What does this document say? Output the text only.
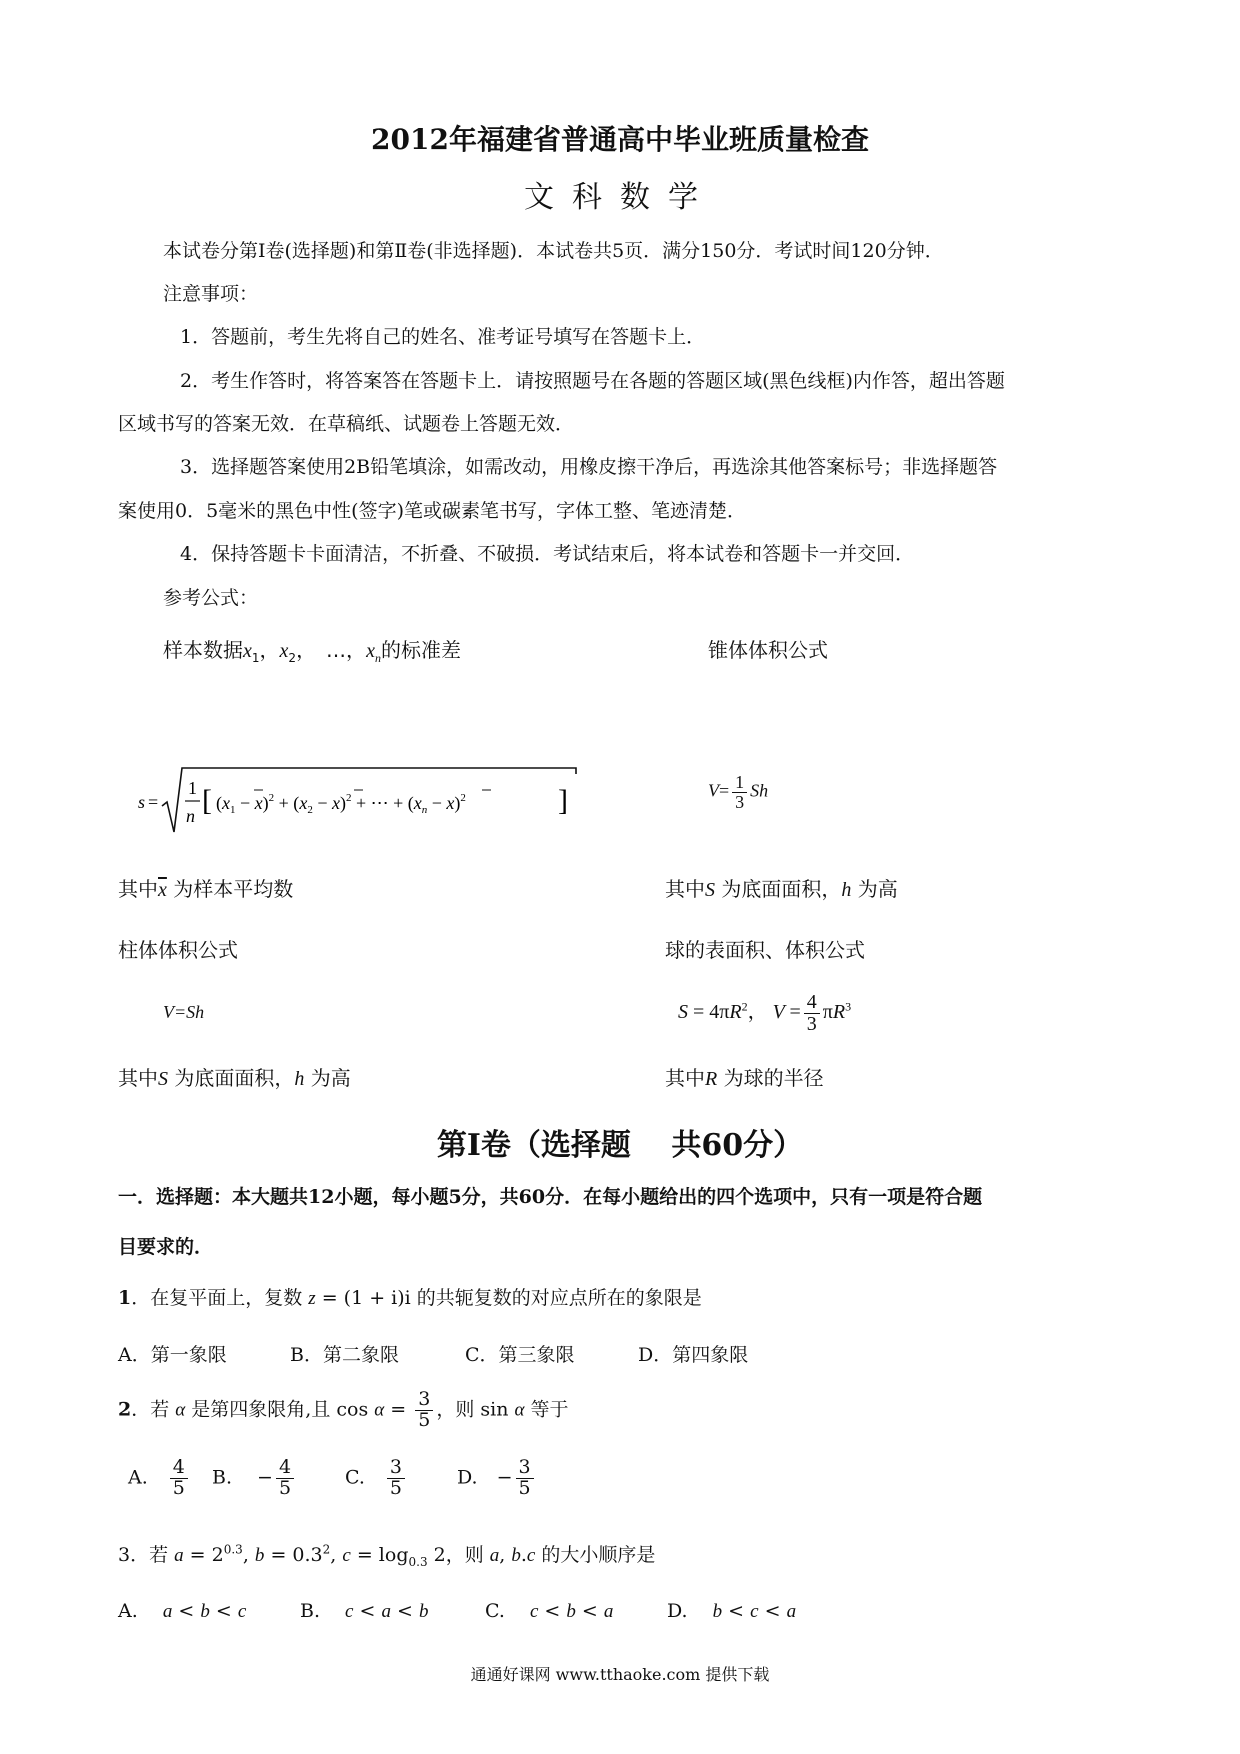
2012年福建省普通高中毕业班质量检查
文科数学
本试卷分第Ⅰ卷(选择题)和第Ⅱ卷(非选择题)．本试卷共5页．满分150分．考试时间120分钟．
注意事项：
1．答题前，考生先将自己的姓名、准考证号填写在答题卡上．
2．考生作答时，将答案答在答题卡上．请按照题号在各题的答题区域(黑色线框)内作答，超出答题
区域书写的答案无效．在草稿纸、试题卷上答题无效．
3．选择题答案使用2B铅笔填涂，如需改动，用橡皮擦干净后，再选涂其他答案标号；非选择题答
案使用0．5毫米的黑色中性(签字)笔或碳素笔书写，字体工整、笔迹清楚．
4．保持答题卡卡面清洁，不折叠、不破损．考试结束后，将本试卷和答题卡一并交回．
参考公式：
样本数据$x_1$，$x_2$，　…，$x_n$的标准差	锥体体积公式
s =
1
n [ $(x_1 - x)^2 + (x_2 - x)^2$ + ⋯ + $(x_n - x)^2$	]	$V= \frac{1}{3}$ Sh
其中$\overline{x}$ 为样本平均数	其中S 为底面面积，h 为高
柱体体积公式	球的表面积、体积公式
V=Sh	$S = 4\pi R^2$， $V = \frac{4}{3} \pi R^3$
其中S 为底面面积，h 为高	其中R 为球的半径
第Ⅰ卷（选择题　 共60分）
一．选择题：本大题共12小题，每小题5分，共60分．在每小题给出的四个选项中，只有一项是符合题
目要求的．
1．在复平面上，复数 z = (1 + i)i 的共轭复数的对应点所在的象限是
A．第一象限	B．第二象限	C．第三象限	D．第四象限
2．若 α 是第四象限角,且 $\cos \alpha = \frac{3}{5}$ ，则 sin α 等于
A.　 $\frac{4}{5} B$.　 − $\frac{4}{5}$	C.　 $\frac{3}{5}$	D.　− $\frac{3}{5}$
3．若 $a = 2^{0.3}$, $b = 0.3^2$, $c = \log_{0.3} 2$，则 a, b.c 的大小顺序是
A.　 a < b < c	B.　 c < a < b	C.　 c < b < a	D.　 b < c < a
通通好课网 www.tthaoke.com 提供下载
